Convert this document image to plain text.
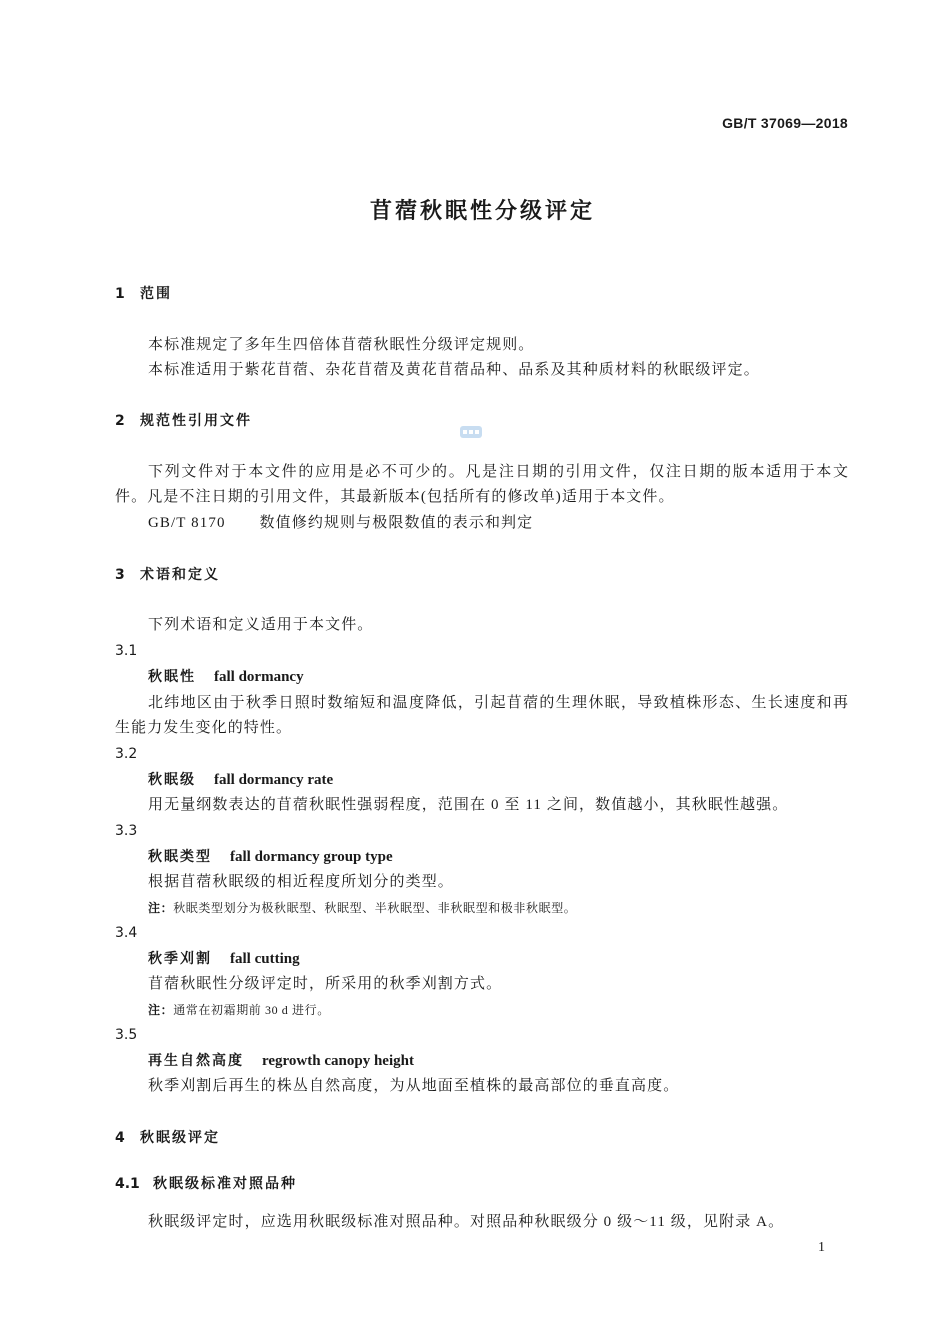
GB/T 37069—2018
苜蓿秋眠性分级评定
1 范围
本标准规定了多年生四倍体苜蓿秋眠性分级评定规则。
本标准适用于紫花苜蓿、杂花苜蓿及黄花苜蓿品种、品系及其种质材料的秋眠级评定。
2 规范性引用文件
下列文件对于本文件的应用是必不可少的。凡是注日期的引用文件，仅注日期的版本适用于本文
件。凡是不注日期的引用文件，其最新版本(包括所有的修改单)适用于本文件。
GB/T 8170 数值修约规则与极限数值的表示和判定
3 术语和定义
下列术语和定义适用于本文件。
3.1
秋眠性 fall dormancy
北纬地区由于秋季日照时数缩短和温度降低，引起苜蓿的生理休眠，导致植株形态、生长速度和再
生能力发生变化的特性。
3.2
秋眠级 fall dormancy rate
用无量纲数表达的苜蓿秋眠性强弱程度，范围在 0 至 11 之间，数值越小，其秋眠性越强。
3.3
秋眠类型 fall dormancy group type
根据苜蓿秋眠级的相近程度所划分的类型。
注：秋眠类型划分为极秋眠型、秋眠型、半秋眠型、非秋眠型和极非秋眠型。
3.4
秋季刈割 fall cutting
苜蓿秋眠性分级评定时，所采用的秋季刈割方式。
注：通常在初霜期前 30 d 进行。
3.5
再生自然高度 regrowth canopy height
秋季刈割后再生的株丛自然高度，为从地面至植株的最高部位的垂直高度。
4 秋眠级评定
4.1 秋眠级标准对照品种
秋眠级评定时，应选用秋眠级标准对照品种。对照品种秋眠级分 0 级～11 级，见附录 A。
1
